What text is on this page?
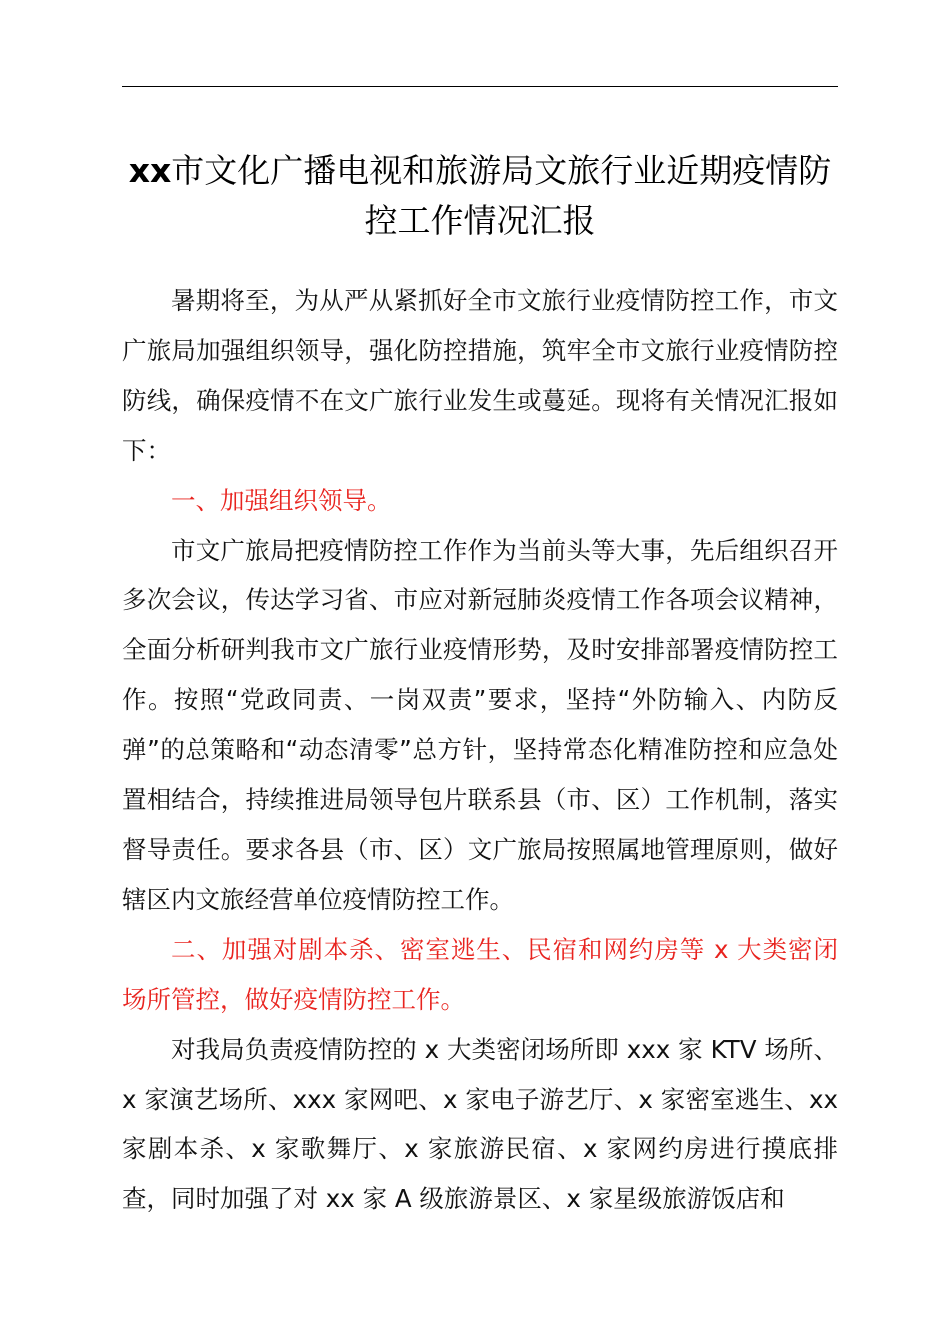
xx市文化广播电视和旅游局文旅行业近期疫情防控工作情况汇报

暑期将至，为从严从紧抓好全市文旅行业疫情防控工作，市文广旅局加强组织领导，强化防控措施，筑牢全市文旅行业疫情防控防线，确保疫情不在文广旅行业发生或蔓延。现将有关情况汇报如下：

一、加强组织领导。

市文广旅局把疫情防控工作作为当前头等大事，先后组织召开多次会议，传达学习省、市应对新冠肺炎疫情工作各项会议精神，全面分析研判我市文广旅行业疫情形势，及时安排部署疫情防控工作。按照“党政同责、一岗双责”要求，坚持“外防输入、内防反弹”的总策略和“动态清零”总方针，坚持常态化精准防控和应急处置相结合，持续推进局领导包片联系县（市、区）工作机制，落实督导责任。要求各县（市、区）文广旅局按照属地管理原则，做好辖区内文旅经营单位疫情防控工作。

二、加强对剧本杀、密室逃生、民宿和网约房等 x 大类密闭场所管控，做好疫情防控工作。

对我局负责疫情防控的 x 大类密闭场所即 xxx 家 KTV 场所、x 家演艺场所、xxx 家网吧、x 家电子游艺厅、x 家密室逃生、xx 家剧本杀、x 家歌舞厅、x 家旅游民宿、x 家网约房进行摸底排查，同时加强了对 xx 家 A 级旅游景区、x 家星级旅游饭店和
